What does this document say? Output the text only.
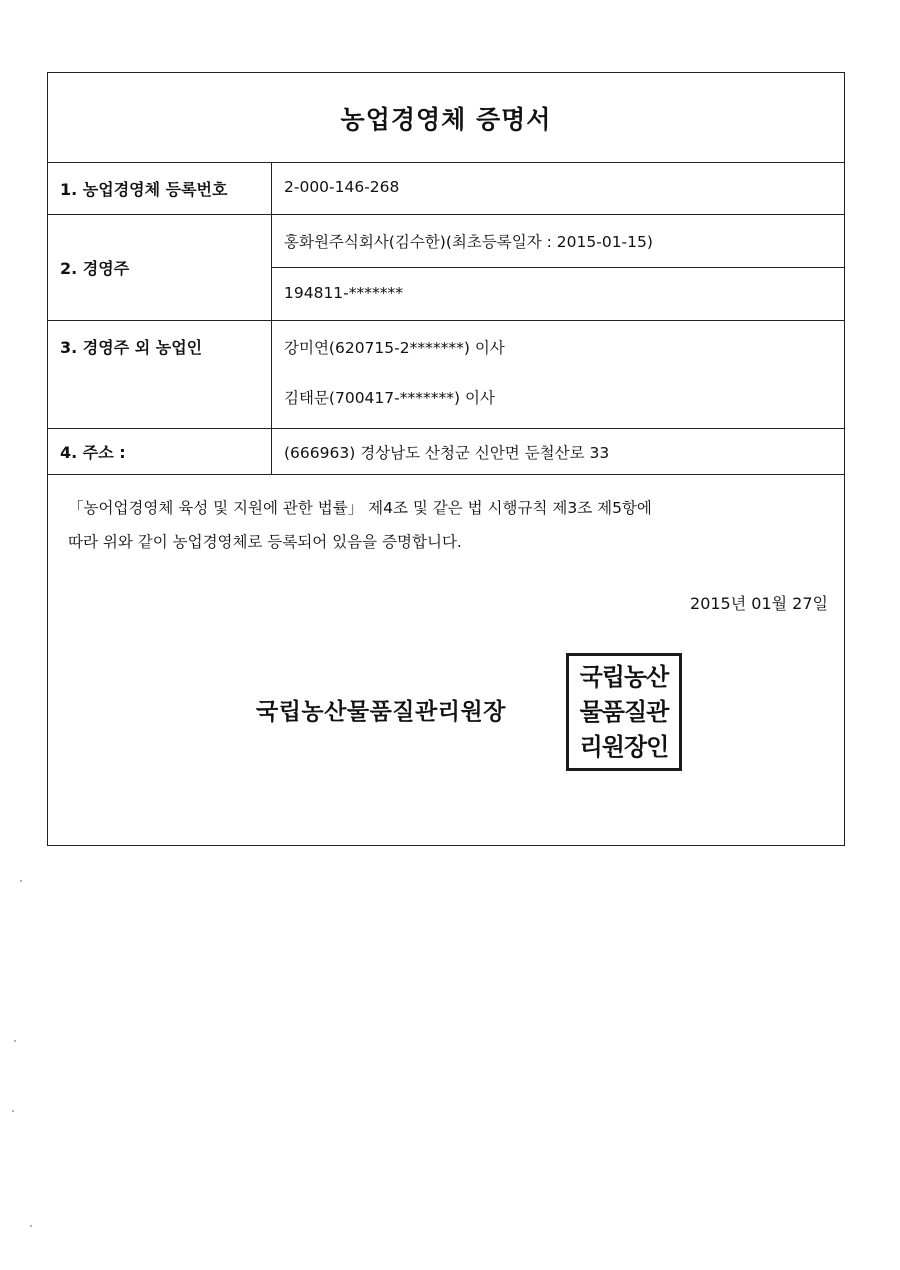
농업경영체 증명서
1. 농업경영체 등록번호	2-000-146-268
2. 경영주
홍화원주식회사(김수한)(최초등록일자 : 2015-01-15)
194811-*******
3. 경영주 외 농업인	강미연(620715-2*******) 이사
김태문(700417-*******) 이사
4. 주소 :	(666963) 경상남도 산청군 신안면 둔철산로 33
「농어업경영체 육성 및 지원에 관한 법률」 제4조 및 같은 법 시행규칙 제3조 제5항에
따라 위와 같이 농업경영체로 등록되어 있음을 증명합니다.
2015년 01월 27일
국립농산물품질관리원장
국립농산
물품질관
리원장인
